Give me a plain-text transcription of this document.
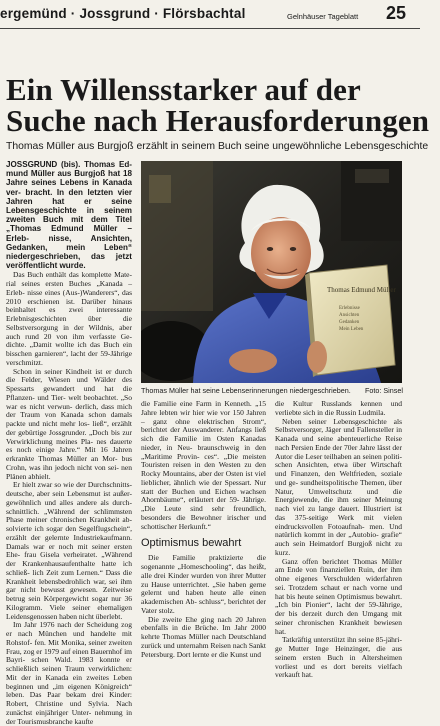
ergemünd · Jossgrund · Flörsbachtal	Gelnhäuser Tageblatt 25
Ein Willensstarker auf der
Suche nach Herausforderungen
Thomas Müller aus Burgjoß erzählt in seinem Buch seine ungewöhnliche Lebensgeschichte
JOSSGRUND (bis). Thomas Ed- mund Müller aus Burgjoß hat 18 Jahre seines Lebens in Kanada ver- bracht. In den letzten vier Jahren hat er seine Lebensgeschichte in seinem zweiten Buch mit dem Titel „Thomas Edmund Müller – Erleb- nisse, Ansichten, Gedanken, mein Leben“ niedergeschrieben, das jetzt veröffentlicht wurde.

Das Buch enthält das komplette Mate- rial seines ersten Buches „Kanada – Erleb- nisse eines (Aus-)Wanderers“, das 2010 erschienen ist. Darüber hinaus beinhaltet es zwei interessante Erlebnisgeschichten	über die Selbstversorgung in der Wildnis, aber auch rund 20 von ihm verfasste Ge- dichte. „Damit wollte ich das Buch ein bisschen garnieren“, lacht der 59-Jährige verschmitzt.

Schon in seiner Kindheit ist er durch die Felder, Wiesen und Wälder des Spessarts gewandert und hat die Pflanzen- und Tier- welt beobachtet. „So war es nicht verwun- derlich, dass mich der Traum von Kanada schon damals packte und nicht mehr los- ließ“, erzählt der gebürtige Jossgrunder. „Doch bis zur Verwirklichung meines Pla- nes dauerte es noch einige Jahre.“ Mit 16 Jahren erkrankte Thomas Müller an Mor- bus Crohn, was ihn jedoch nicht von sei- nen Plänen abhielt.

Er hielt zwar so wie der Durchschnitts- deutsche, aber sein Lebensmut ist außer- gewöhnlich und alles andere als durch- schnittlich. „Während der schlimmsten Phase meiner chronischen Krankheit ab- solvierte ich sogar den Segelflugschein“, erzählt der gelernte Industriekaufmann. Damals war er noch mit seiner ersten Ehe- frau Gisela verheiratet. „Während der Krankenhausaufenthalte hatte ich schließ- lich Zeit zum Lernen.“ Dass die Krankheit lebensbedrohlich war, sei ihm gar nicht bewusst gewesen. Zeitweise betrug sein Körpergewicht sogar nur 36 Kilogramm. Viele seiner ehemaligen Leidensgenossen haben nicht überlebt.

Im Jahr 1976 nach der Scheidung zog er nach München und handelte mit Rohstof- fen. Mit Monika, seiner zweiten Frau, zog er 1979 auf einen Bauernhof im Bayri- schen Wald. 1983 konnte er schließlich seinen Traum verwirklichen: Mit der in Kanada ein zweites Leben beginnen und „im eigenen Königreich“ leben. Das Paar bekam drei Kinder: Robert, Christine und Sylvia. Nach zunächst einjähriger Unter- nehmung in der Tourismusbranche kaufte

Thomas Edmund Müller
Erlebnisse
Ansichten
Gedanken
Mein Leben
Thomas Müller hat seine Lebenserinnerungen niedergeschrieben. Foto: Sinsel

die Familie eine Farm in Kenneth. „15 Jahre lebten wir hier wie vor 150 Jahren – ganz ohne elektrischen Strom“, berichtet der Auswanderer. Anfangs ließ sich die Familie im Osten Kanadas nieder, in Neu- braunschweig in den „Maritime Provin- ces“. „Die meisten Touristen reisen in den Westen zu den Rocky Mountains, aber der Osten ist viel lieblicher, ähnlich wie der Spessart. Nur statt der Buchen und Eichen wachsen Ahornbäume“, erläutert der 59- Jährige. „Die Leute sind sehr freundlich, besonders die Bewohner irischer und schottischer Herkunft.“

Optimismus bewahrt

Die Familie praktizierte die sogenannte „Homeschooling“, das heißt, alle drei Kinder wurden von ihrer Mutter zu Hause unterrichtet. „Sie haben gerne gelernt und haben heute alle einen akademischen Ab- schluss“, berichtet der Vater stolz.

Die zweite Ehe ging nach 20 Jahren ebenfalls in die Brüche. Im Jahr 2000 kehrte Thomas Müller nach Deutschland zurück und unternahm Reisen nach Sankt Petersburg. Dort lernte er die Kunst und

die Kultur Russlands kennen und verliebte sich in die Russin Ludmila.

Neben seiner Lebensgeschichte als Selbstversorger, Jäger und Fallensteller in Kanada und seine abenteuerliche Reise nach Persien Ende der 70er Jahre lässt der Autor die Leser teilhaben an seinen politi- schen Ansichten, etwa über Wirtschaft und Finanzen, den Weltfrieden, soziale und ge- sundheitspolitische Themen, über Natur, Umweltschutz und die Energiewende, die ihm seiner Meinung nach viel zu lange dauert. Illustriert ist das 375-seitige Werk mit vielen eindrucksvollen Fotoaufnah- men. Und natürlich kommt in der „Autobio- grafie“ auch sein Heimatdorf Burgjoß nicht zu kurz.

Ganz offen berichtet Thomas Müller am Ende von finanziellen Ruin, der ihm ohne eigenes Verschulden widerfahren sei. Trotzdem schaut er nach vorne und hat bis heute seinen Optimismus bewahrt. „Ich bin Pionier“, lacht der 59-Jährige, der bis derzeit durch den Umgang mit seiner chronischen Krankheit bewiesen hat.

Tatkräftig unterstützt ihn seine 85-jähri- ge Mutter Inge Heinzinger, die aus seinem ersten Buch in Altersheimen vorliest und es dort bereits vielfach verkauft hat.
